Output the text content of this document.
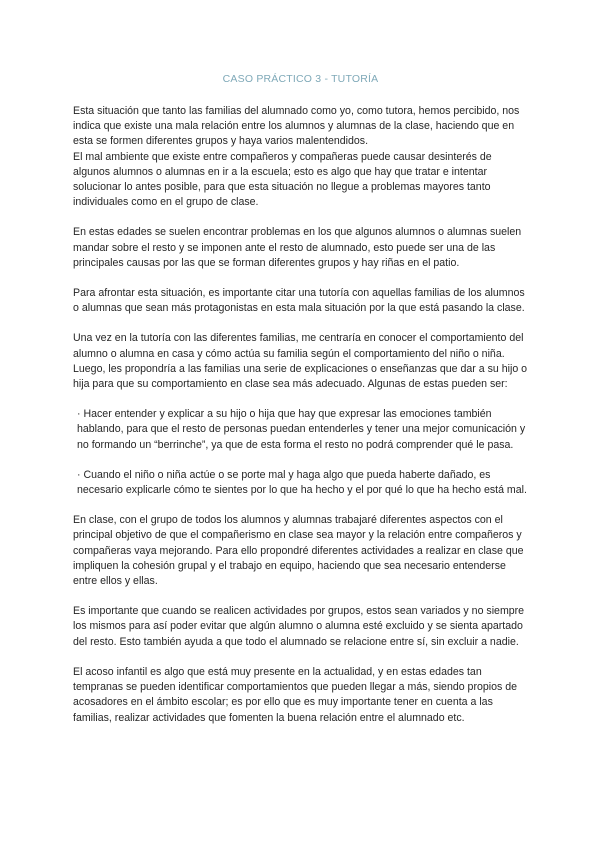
CASO PRÁCTICO 3 - TUTORÍA

Esta situación que tanto las familias del alumnado como yo, como tutora, hemos percibido, nos indica que existe una mala relación entre los alumnos y alumnas de la clase, haciendo que en esta se formen diferentes grupos y haya varios malentendidos.

El mal ambiente que existe entre compañeros y compañeras puede causar desinterés de algunos alumnos o alumnas en ir a la escuela; esto es algo que hay que tratar e intentar solucionar lo antes posible, para que esta situación no llegue a problemas mayores tanto individuales como en el grupo de clase.

En estas edades se suelen encontrar problemas en los que algunos alumnos o alumnas suelen mandar sobre el resto y se imponen ante el resto de alumnado, esto puede ser una de las principales causas por las que se forman diferentes grupos y hay riñas en el patio.

Para afrontar esta situación, es importante citar una tutoría con aquellas familias de los alumnos o alumnas que sean más protagonistas en esta mala situación por la que está pasando la clase.

Una vez en la tutoría con las diferentes familias, me centraría en conocer el comportamiento del alumno o alumna en casa y cómo actúa su familia según el comportamiento del niño o niña. Luego, les propondría a las familias una serie de explicaciones o enseñanzas que dar a su hijo o hija para que su comportamiento en clase sea más adecuado. Algunas de estas pueden ser:

· Hacer entender y explicar a su hijo o hija que hay que expresar las emociones también hablando, para que el resto de personas puedan entenderles y tener una mejor comunicación y no formando un “berrinche”, ya que de esta forma el resto no podrá comprender qué le pasa.

· Cuando el niño o niña actúe o se porte mal y haga algo que pueda haberte dañado, es necesario explicarle cómo te sientes por lo que ha hecho y el por qué lo que ha hecho está mal.

En clase, con el grupo de todos los alumnos y alumnas trabajaré diferentes aspectos con el principal objetivo de que el compañerismo en clase sea mayor y la relación entre compañeros y compañeras vaya mejorando. Para ello propondré diferentes actividades a realizar en clase que impliquen la cohesión grupal y el trabajo en equipo, haciendo que sea necesario entenderse entre ellos y ellas.

Es importante que cuando se realicen actividades por grupos, estos sean variados y no siempre los mismos para así poder evitar que algún alumno o alumna esté excluido y se sienta apartado del resto. Esto también ayuda a que todo el alumnado se relacione entre sí, sin excluir a nadie.

El acoso infantil es algo que está muy presente en la actualidad, y en estas edades tan tempranas se pueden identificar comportamientos que pueden llegar a más, siendo propios de acosadores en el ámbito escolar; es por ello que es muy importante tener en cuenta a las familias, realizar actividades que fomenten la buena relación entre el alumnado etc.
